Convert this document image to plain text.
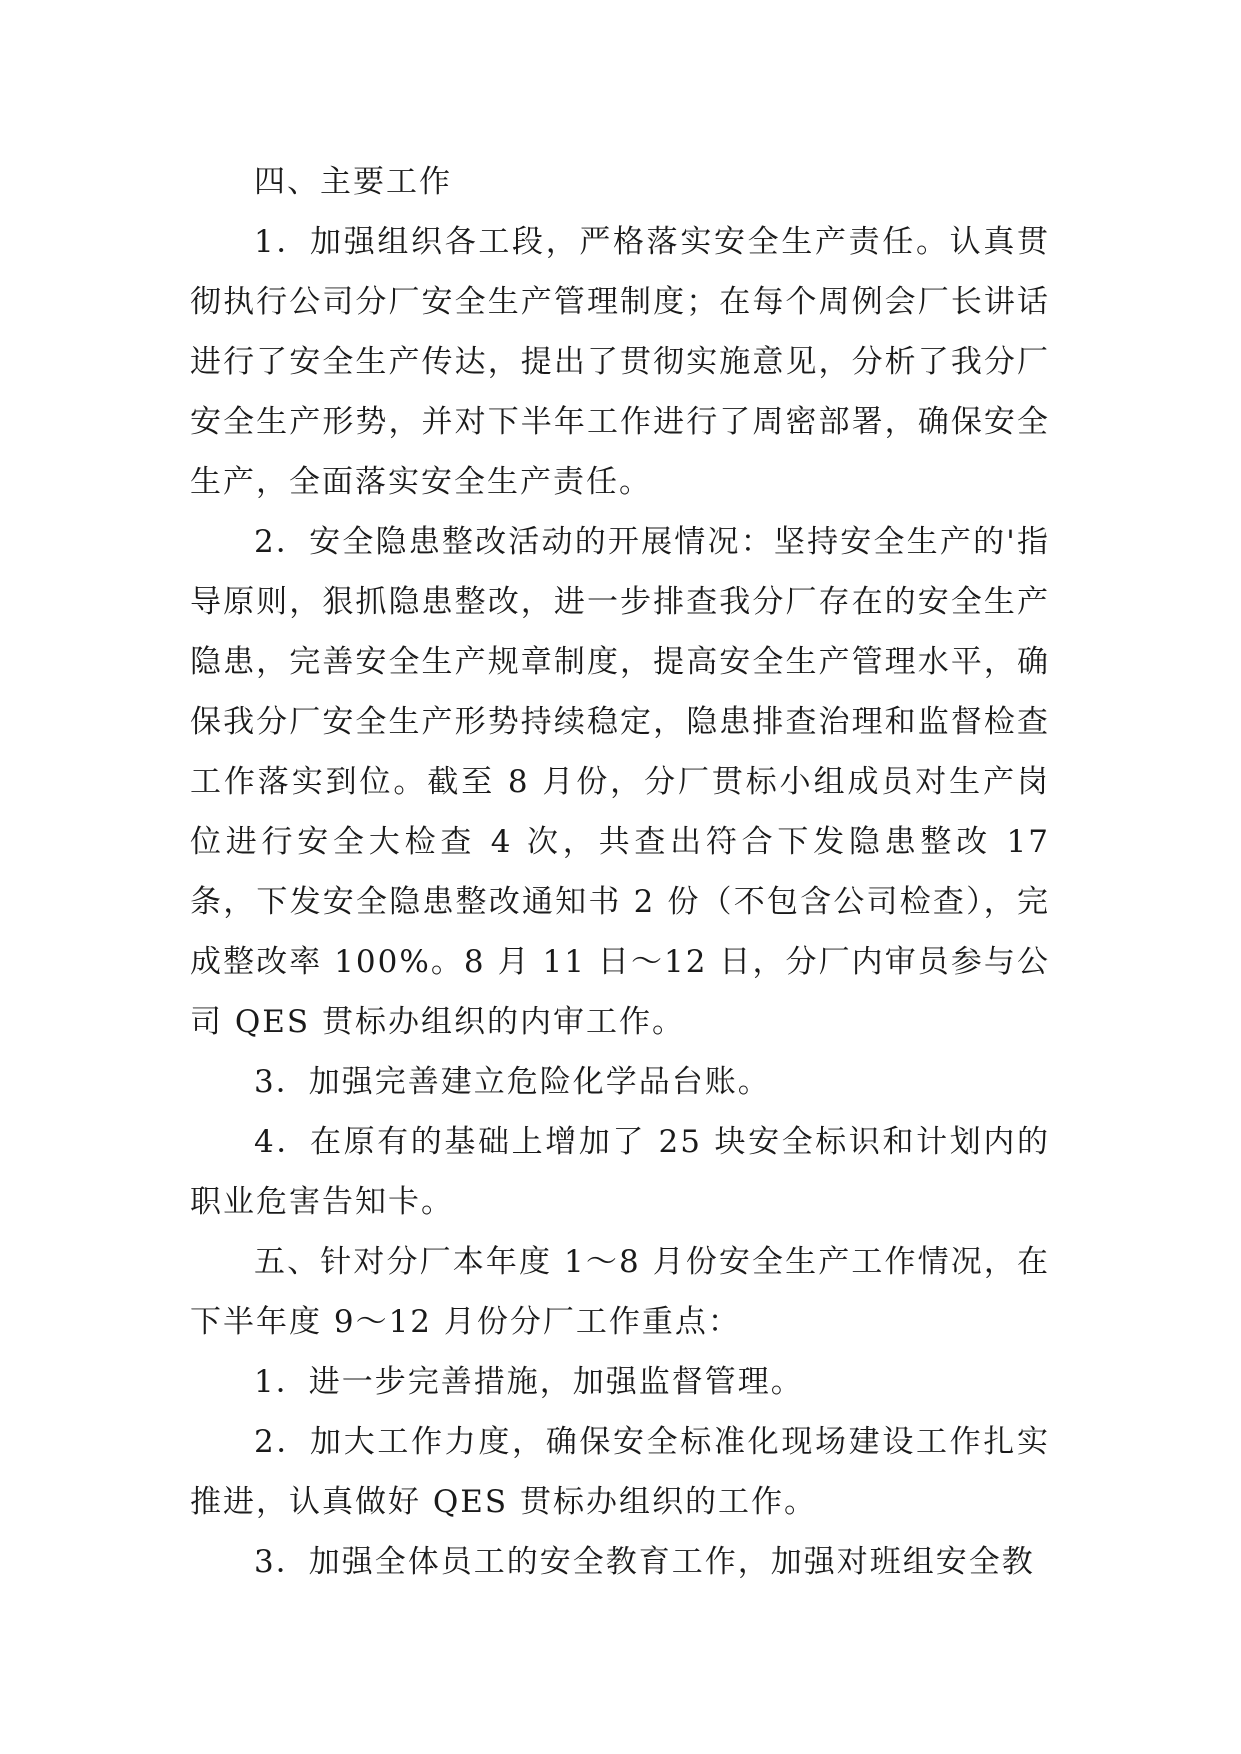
四、主要工作

1．加强组织各工段，严格落实安全生产责任。认真贯彻执行公司分厂安全生产管理制度；在每个周例会厂长讲话进行了安全生产传达，提出了贯彻实施意见，分析了我分厂安全生产形势，并对下半年工作进行了周密部署，确保安全生产，全面落实安全生产责任。

2．安全隐患整改活动的开展情况：坚持安全生产的'指导原则，狠抓隐患整改，进一步排查我分厂存在的安全生产隐患，完善安全生产规章制度，提高安全生产管理水平，确保我分厂安全生产形势持续稳定，隐患排查治理和监督检查工作落实到位。截至 8 月份，分厂贯标小组成员对生产岗位进行安全大检查 4 次，共查出符合下发隐患整改 17 条，下发安全隐患整改通知书 2 份（不包含公司检查），完成整改率 100%。8 月 11 日～12 日，分厂内审员参与公司 QES 贯标办组织的内审工作。

3．加强完善建立危险化学品台账。

4．在原有的基础上增加了 25 块安全标识和计划内的职业危害告知卡。

五、针对分厂本年度 1～8 月份安全生产工作情况，在下半年度 9～12 月份分厂工作重点：

1．进一步完善措施，加强监督管理。

2．加大工作力度，确保安全标准化现场建设工作扎实推进，认真做好 QES 贯标办组织的工作。

3．加强全体员工的安全教育工作，加强对班组安全教
